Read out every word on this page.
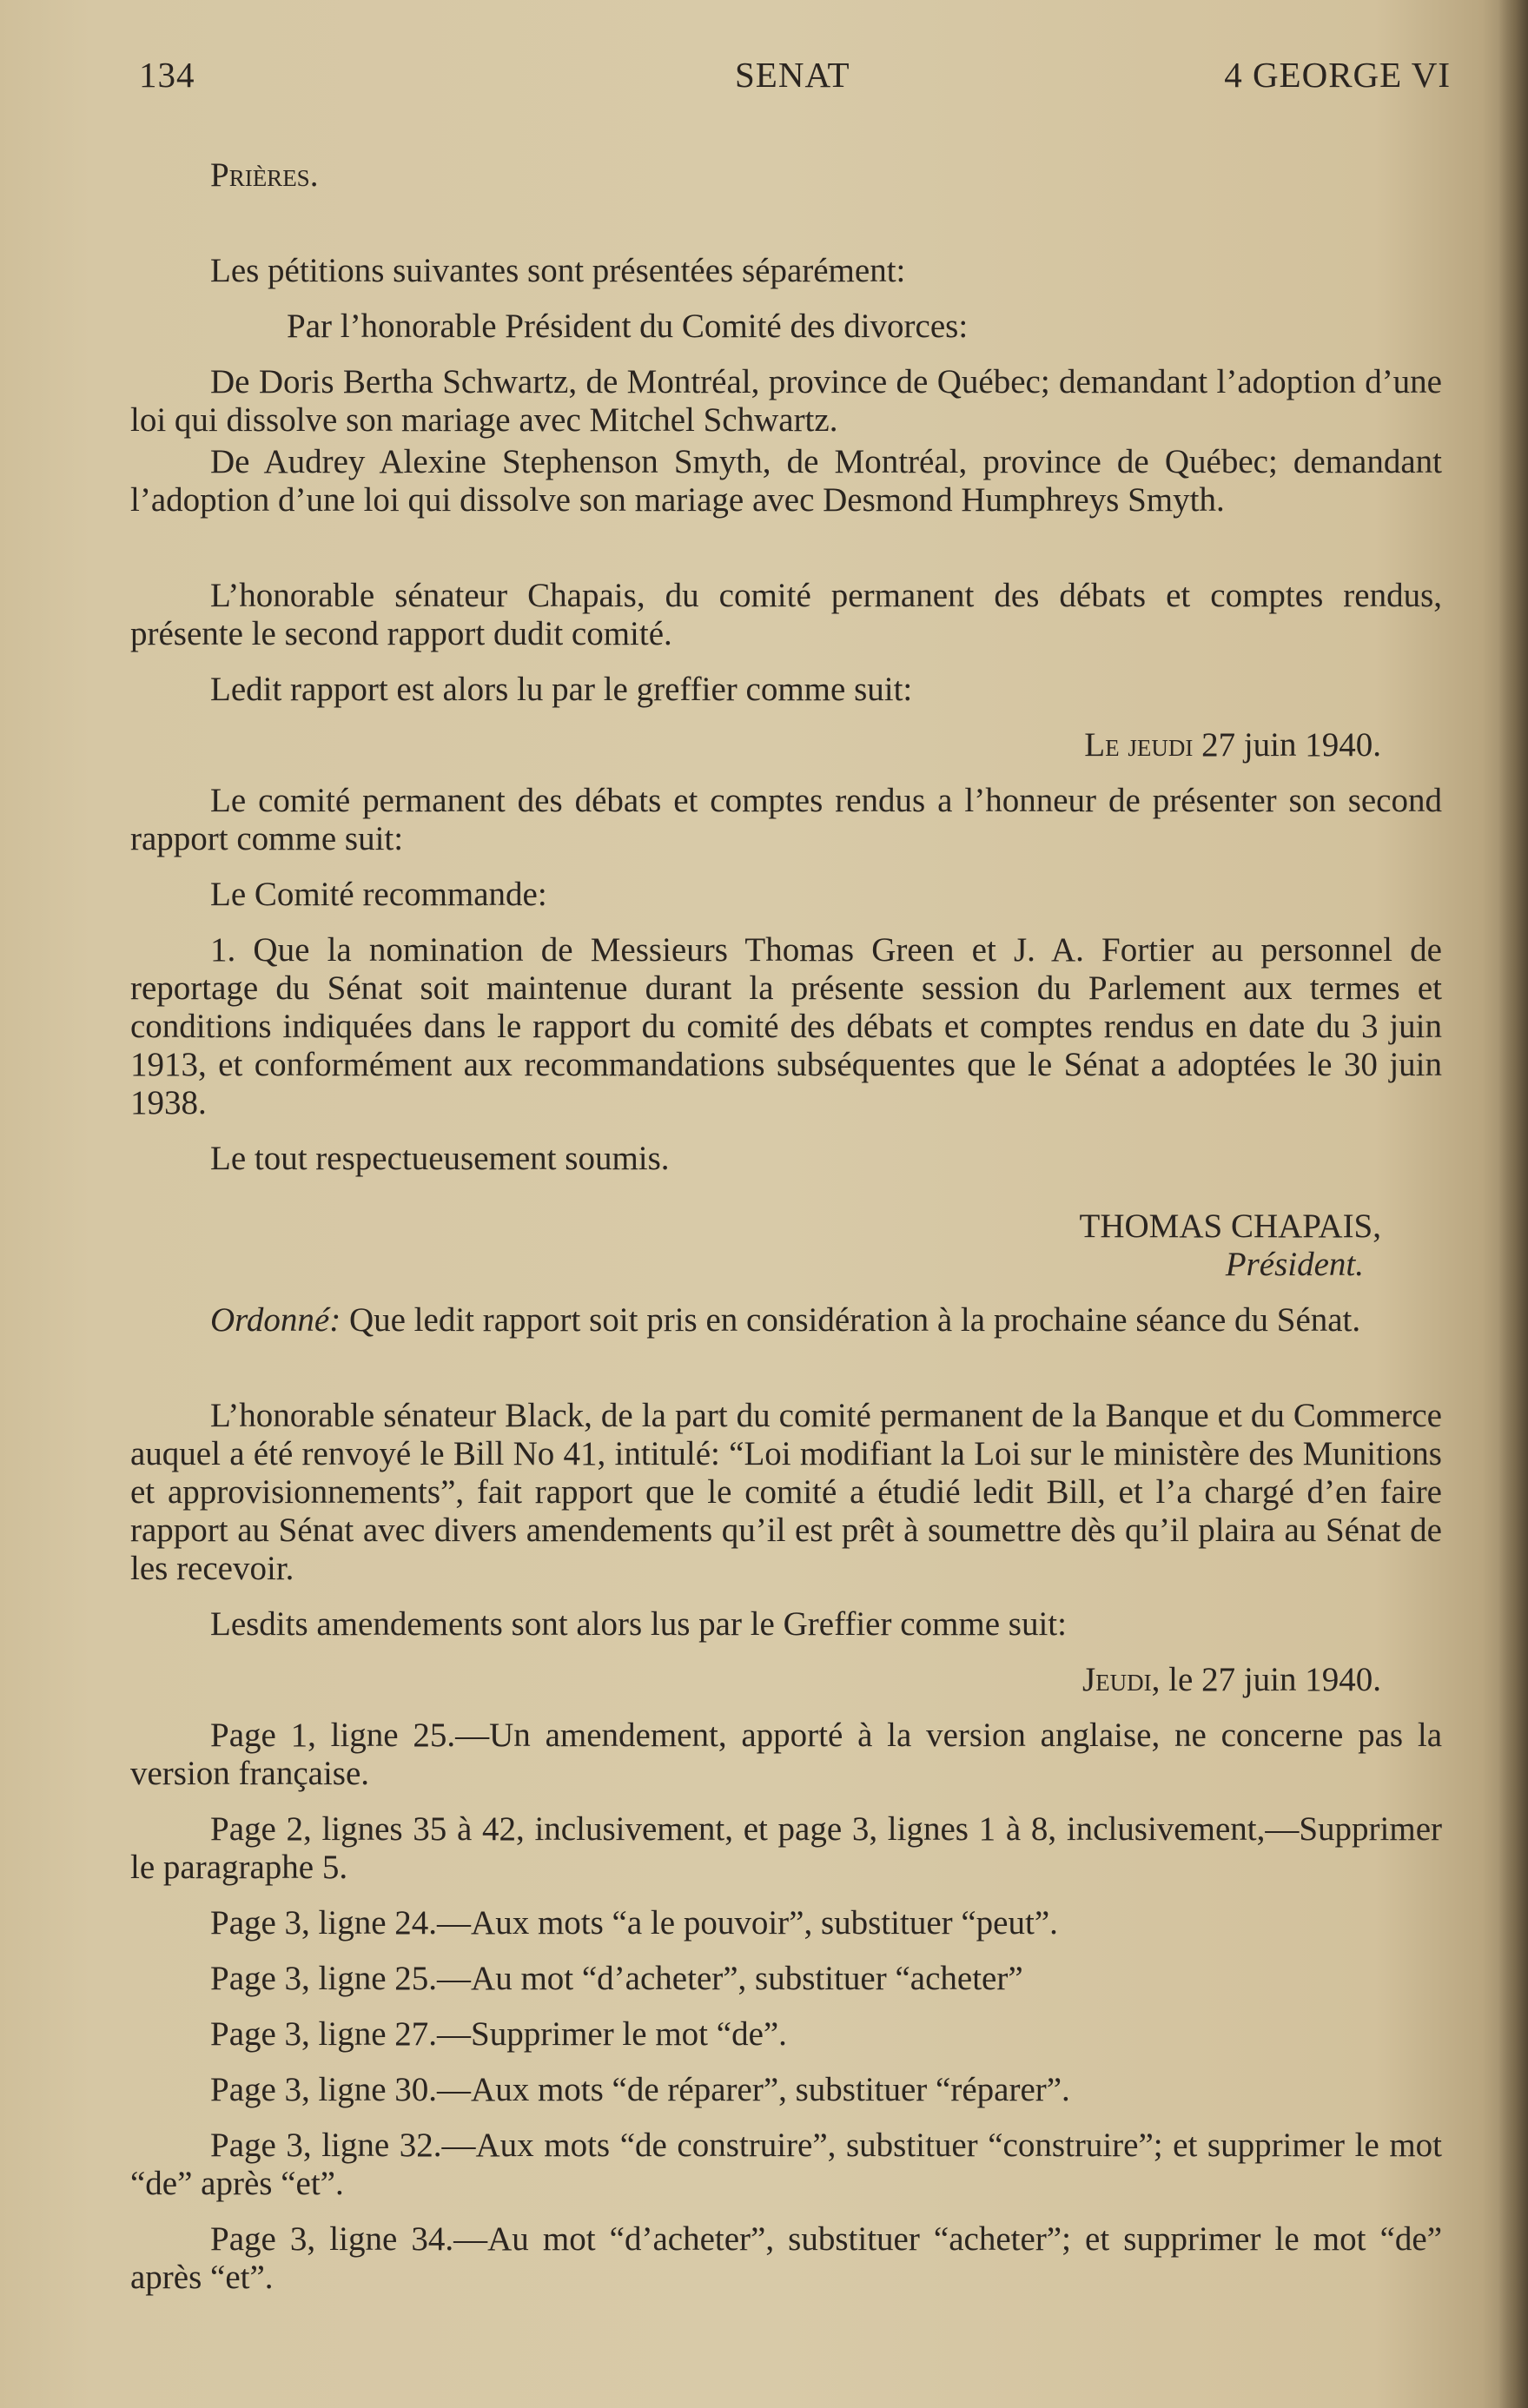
134	SENAT	4 GEORGE VI

Prières.

Les pétitions suivantes sont présentées séparément:

Par l’honorable Président du Comité des divorces:

De Doris Bertha Schwartz, de Montréal, province de Québec; demandant l’adoption d’une loi qui dissolve son mariage avec Mitchel Schwartz.

De Audrey Alexine Stephenson Smyth, de Montréal, province de Québec; demandant l’adoption d’une loi qui dissolve son mariage avec Desmond Humphreys Smyth.

L’honorable sénateur Chapais, du comité permanent des débats et comptes rendus, présente le second rapport dudit comité.

Ledit rapport est alors lu par le greffier comme suit:

Le jeudi 27 juin 1940.

Le comité permanent des débats et comptes rendus a l’honneur de présenter son second rapport comme suit:

Le Comité recommande:

1. Que la nomination de Messieurs Thomas Green et J. A. Fortier au personnel de reportage du Sénat soit maintenue durant la présente session du Parlement aux termes et conditions indiquées dans le rapport du comité des débats et comptes rendus en date du 3 juin 1913, et conformément aux recommandations subséquentes que le Sénat a adoptées le 30 juin 1938.

Le tout respectueusement soumis.

THOMAS CHAPAIS,

Président.

Ordonné: Que ledit rapport soit pris en considération à la prochaine séance du Sénat.

L’honorable sénateur Black, de la part du comité permanent de la Banque et du Commerce auquel a été renvoyé le Bill No 41, intitulé: “Loi modifiant la Loi sur le ministère des Munitions et approvisionnements”, fait rapport que le comité a étudié ledit Bill, et l’a chargé d’en faire rapport au Sénat avec divers amendements qu’il est prêt à soumettre dès qu’il plaira au Sénat de les recevoir.

Lesdits amendements sont alors lus par le Greffier comme suit:

Jeudi, le 27 juin 1940.

Page 1, ligne 25.—Un amendement, apporté à la version anglaise, ne concerne pas la version française.

Page 2, lignes 35 à 42, inclusivement, et page 3, lignes 1 à 8, inclusivement,—Supprimer le paragraphe 5.

Page 3, ligne 24.—Aux mots “a le pouvoir”, substituer “peut”.

Page 3, ligne 25.—Au mot “d’acheter”, substituer “acheter”

Page 3, ligne 27.—Supprimer le mot “de”.

Page 3, ligne 30.—Aux mots “de réparer”, substituer “réparer”.

Page 3, ligne 32.—Aux mots “de construire”, substituer “construire”; et supprimer le mot “de” après “et”.

Page 3, ligne 34.—Au mot “d’acheter”, substituer “acheter”; et supprimer le mot “de” après “et”.
